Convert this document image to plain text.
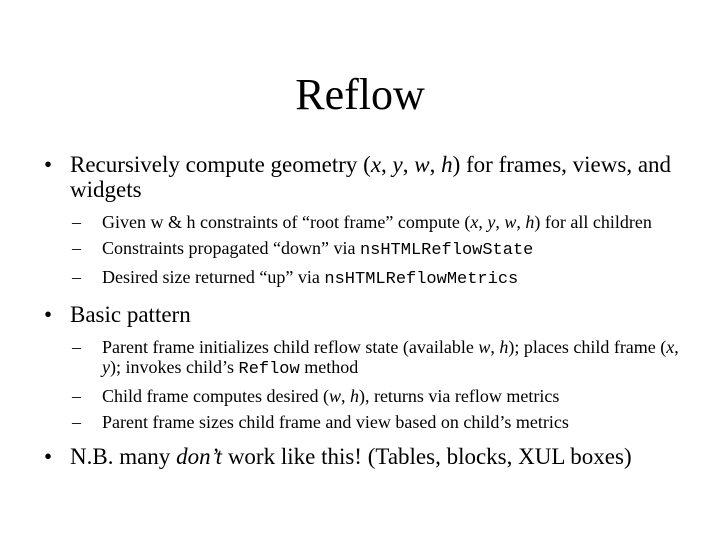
Reflow
• Recursively compute geometry (x, y, w, h) for frames, views, and widgets
– Given w & h constraints of “root frame” compute (x, y, w, h) for all children
– Constraints propagated “down” via nsHTMLReflowState
– Desired size returned “up” via nsHTMLReflowMetrics
• Basic pattern
– Parent frame initializes child reflow state (available w, h); places child frame (x, y); invokes child’s Reflow method
– Child frame computes desired (w, h), returns via reflow metrics
– Parent frame sizes child frame and view based on child’s metrics
• N.B. many don’t work like this! (Tables, blocks, XUL boxes)
